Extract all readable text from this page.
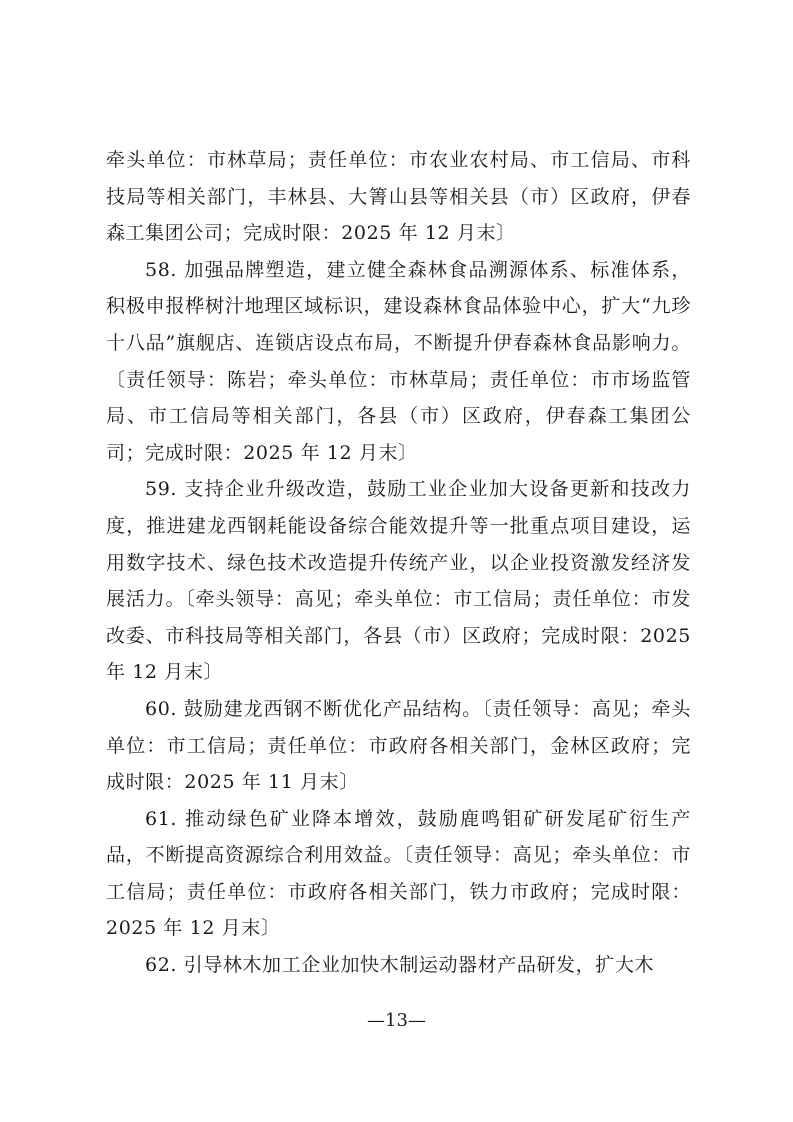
牵头单位：市林草局；责任单位：市农业农村局、市工信局、市科技局等相关部门，丰林县、大箐山县等相关县（市）区政府，伊春森工集团公司；完成时限：2025 年 12 月末〕

58. 加强品牌塑造，建立健全森林食品溯源体系、标准体系，积极申报桦树汁地理区域标识，建设森林食品体验中心，扩大“九珍十八品”旗舰店、连锁店设点布局，不断提升伊春森林食品影响力。〔责任领导：陈岩；牵头单位：市林草局；责任单位：市市场监管局、市工信局等相关部门，各县（市）区政府，伊春森工集团公司；完成时限：2025 年 12 月末〕

59. 支持企业升级改造，鼓励工业企业加大设备更新和技改力度，推进建龙西钢耗能设备综合能效提升等一批重点项目建设，运用数字技术、绿色技术改造提升传统产业，以企业投资激发经济发展活力。〔牵头领导：高见；牵头单位：市工信局；责任单位：市发改委、市科技局等相关部门，各县（市）区政府；完成时限：2025 年 12 月末〕

60. 鼓励建龙西钢不断优化产品结构。〔责任领导：高见；牵头单位：市工信局；责任单位：市政府各相关部门，金林区政府；完成时限：2025 年 11 月末〕

61. 推动绿色矿业降本增效，鼓励鹿鸣钼矿研发尾矿衍生产品，不断提高资源综合利用效益。〔责任领导：高见；牵头单位：市工信局；责任单位：市政府各相关部门，铁力市政府；完成时限：2025 年 12 月末〕

62. 引导林木加工企业加快木制运动器材产品研发，扩大木

—13—
